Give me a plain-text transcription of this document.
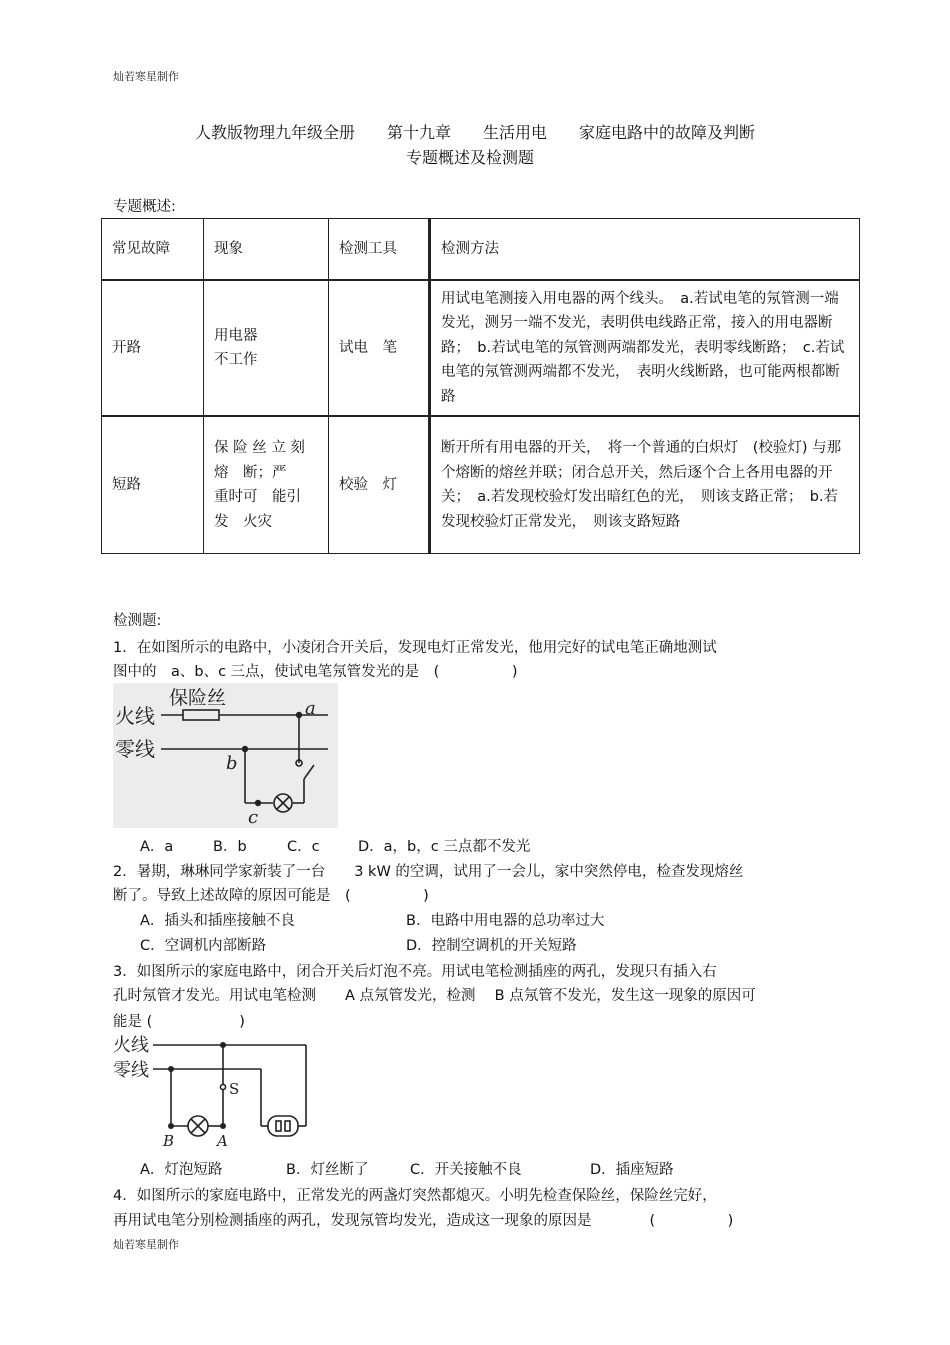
灿若寒星制作
人教版物理九年级全册　　第十九章　　生活用电　　家庭电路中的故障及判断
专题概述及检测题
专题概述:
常见故障	现象	检测工具	检测方法
开路	用电器
不工作	试电　笔	用试电笔测接入用电器的两个线头。　a.若试电笔的氖管测一端发光，测另一端不发光，表明供电线路正常，接入的用电器断路；　b.若试电笔的氖管测两端都发光，表明零线断路；　c.若试电笔的氖管测两端都不发光，　表明火线断路，也可能两根都断路
短路	保 险 丝 立 刻
熔　断；严
重时可　能引
发　火灾	校验　灯	断开所有用电器的开关，　将一个普通的白炽灯　(校验灯) 与那个熔断的熔丝并联；闭合总开关，然后逐个合上各用电器的开关；　a.若发现校验灯发出暗红色的光，　则该支路正常；　b.若发现校验灯正常发光，　则该支路短路
检测题:
1．在如图所示的电路中，小凌闭合开关后，发现电灯正常发光，他用完好的试电笔正确地测试
图中的　a、b、c 三点，使试电笔氖管发光的是　(　　　　　)
火线
零线
保险丝	a
b
c
A．a	B．b	C．c	D．a，b，c 三点都不发光
2．暑期，琳琳同学家新装了一台　　3 kW 的空调，试用了一会儿，家中突然停电，检查发现熔丝
断了。导致上述故障的原因可能是　(　　　　　)
A．插头和插座接触不良	B．电路中用电器的总功率过大
C．空调机内部断路	D．控制空调机的开关短路
3．如图所示的家庭电路中，闭合开关后灯泡不亮。用试电笔检测插座的两孔，发现只有插入右
孔时氖管才发光。用试电笔检测　　A 点氖管发光，检测　 B 点氖管不发光，发生这一现象的原因可
能是 (　　　　　　)
火线
零线
S
A
B
A．灯泡短路	B．灯丝断了	C．开关接触不良	D．插座短路
4．如图所示的家庭电路中，正常发光的两盏灯突然都熄灭。小明先检查保险丝，保险丝完好，
再用试电笔分别检测插座的两孔，发现氖管均发光，造成这一现象的原因是　　　　(　　　　　)
灿若寒星制作
